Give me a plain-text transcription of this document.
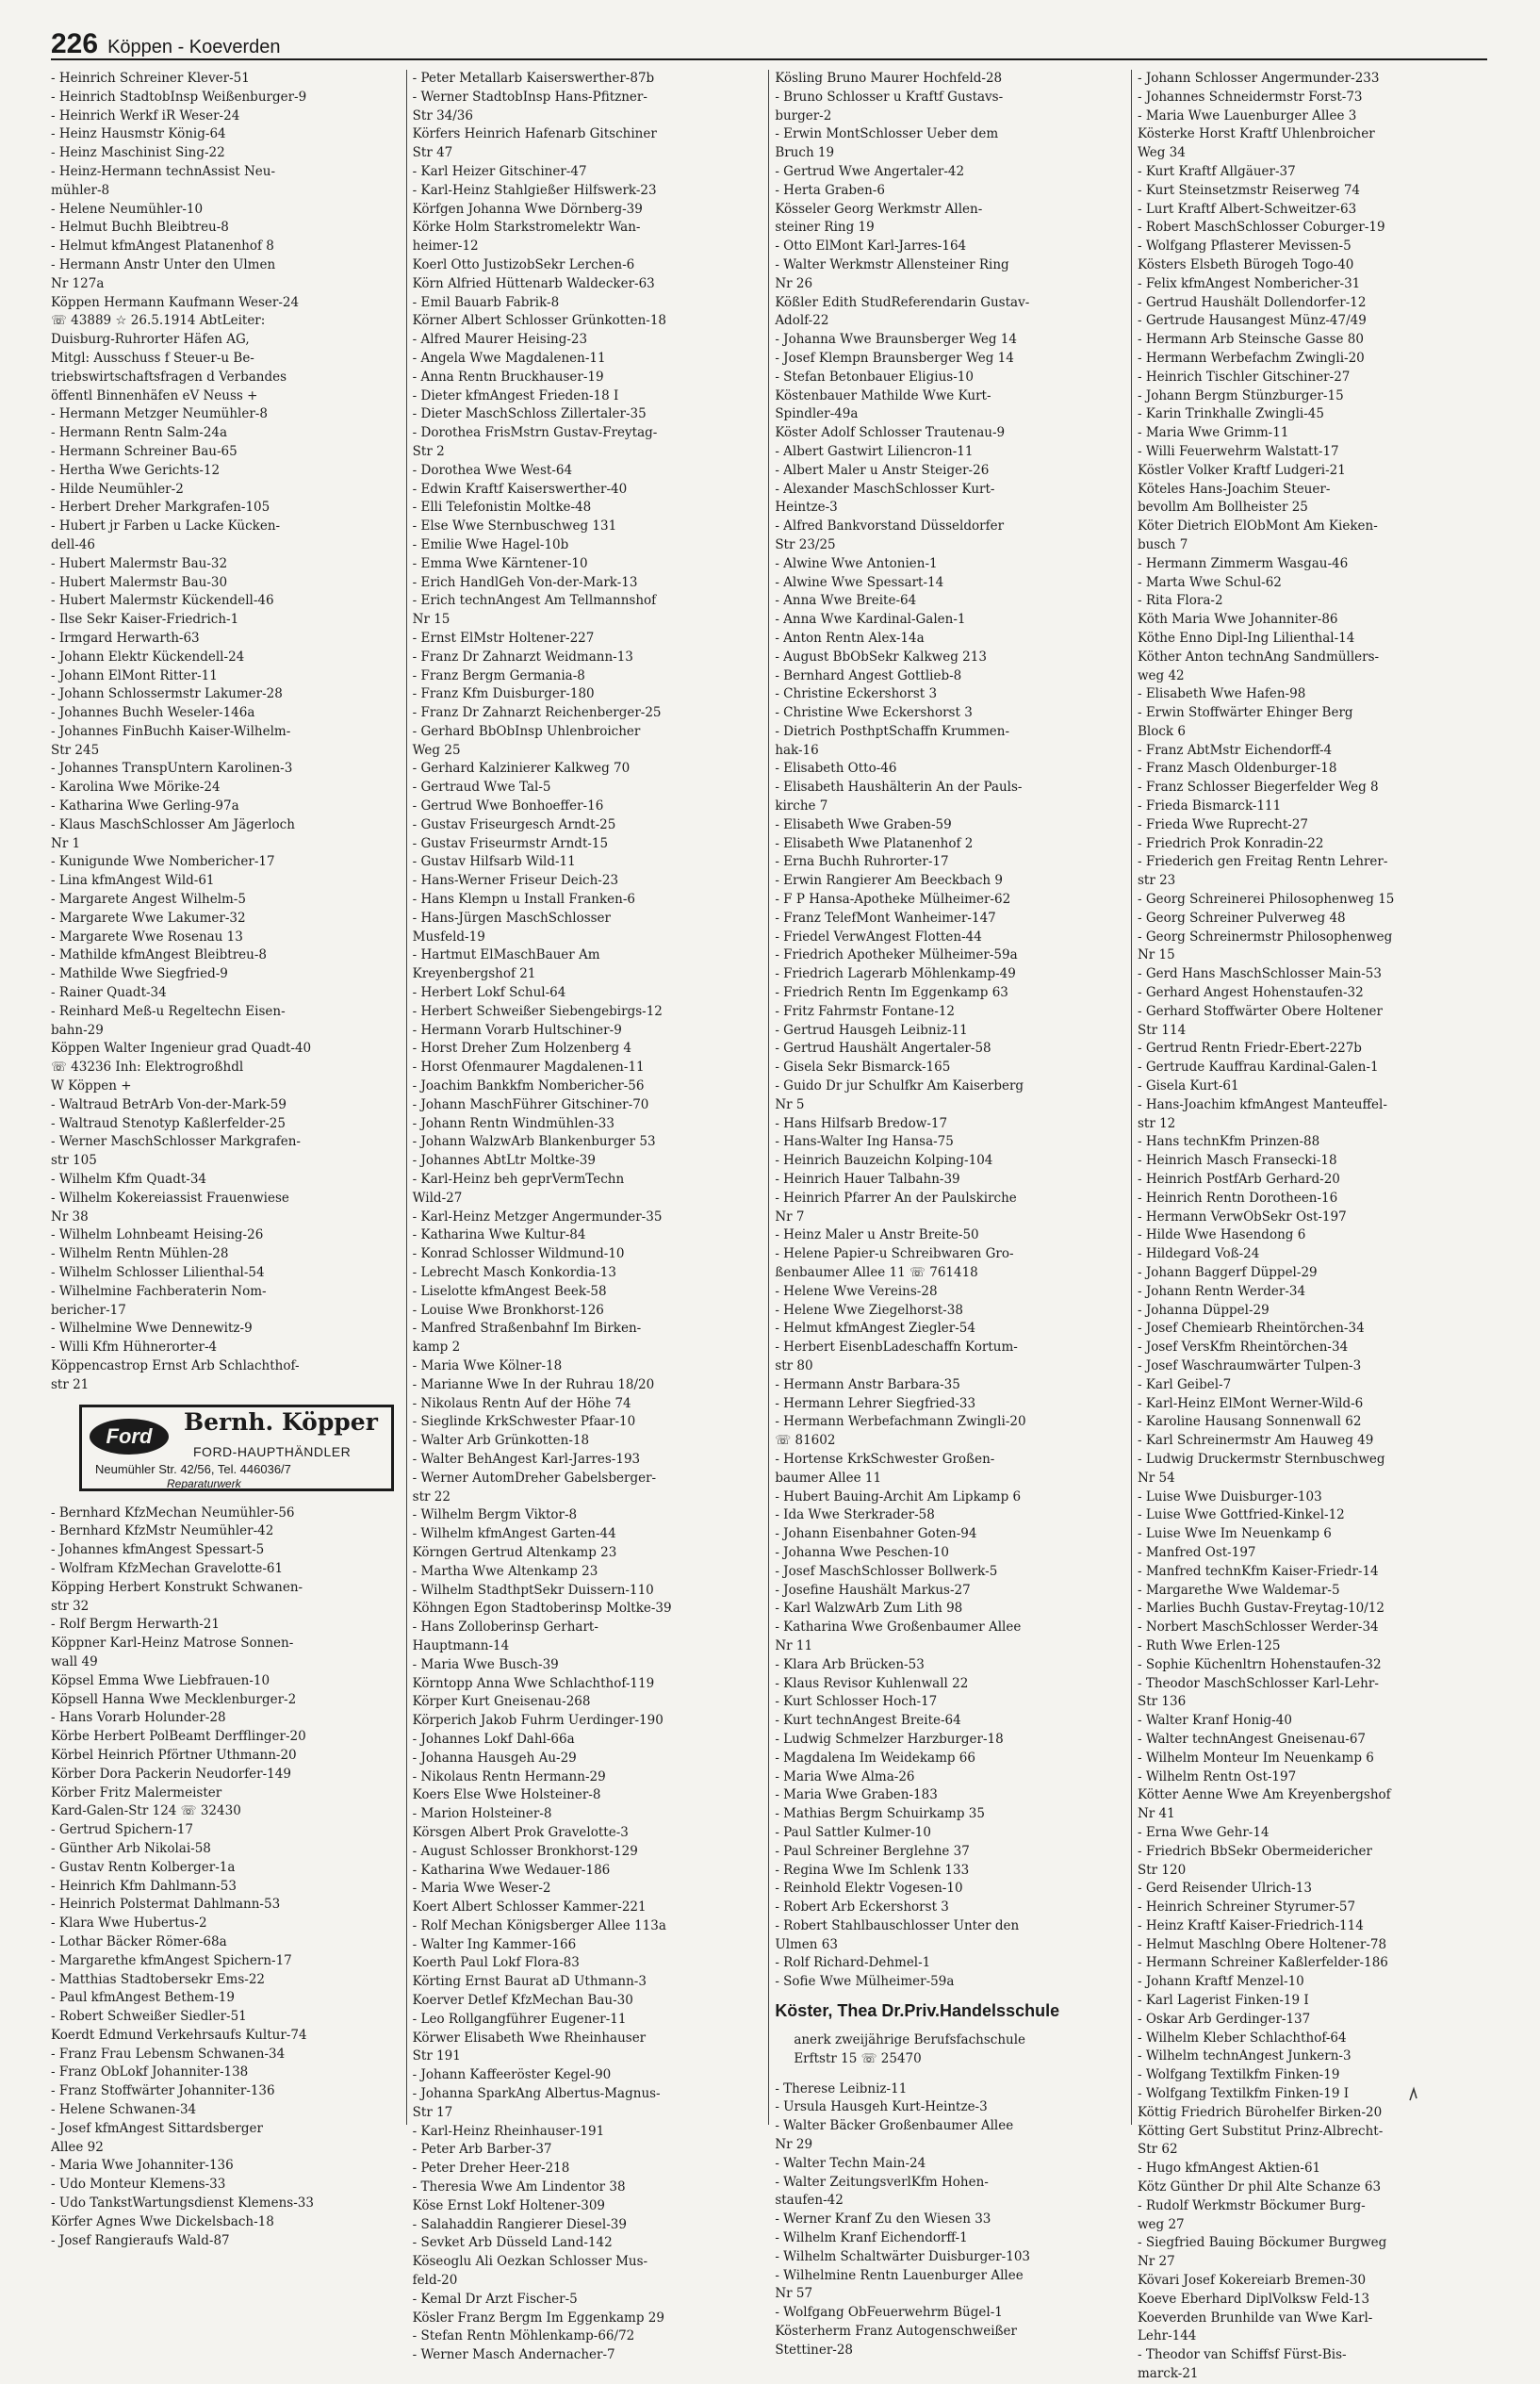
226 Köppen - Koeverden
- Heinrich Schreiner Klever-51
- Heinrich StadtobInsp Weißenburger-9
- Heinrich Werkf iR Weser-24
- Heinz Hausmstr König-64
- Heinz Maschinist Sing-22
- Heinz-Hermann technAssist Neu-
mühler-8
- Helene Neumühler-10
- Helmut Buchh Bleibtreu-8
- Helmut kfmAngest Platanenhof 8
- Hermann Anstr Unter den Ulmen
Nr 127a
Köppen Hermann Kaufmann Weser-24
☏ 43889 ☆ 26.5.1914 AbtLeiter:
Duisburg-Ruhrorter Häfen AG,
Mitgl: Ausschuss f Steuer-u Be-
triebswirtschaftsfragen d Verbandes
öffentl Binnenhäfen eV Neuss +
- Hermann Metzger Neumühler-8
- Hermann Rentn Salm-24a
- Hermann Schreiner Bau-65
- Hertha Wwe Gerichts-12
- Hilde Neumühler-2
- Herbert Dreher Markgrafen-105
- Hubert jr Farben u Lacke Kücken-
dell-46
- Hubert Malermstr Bau-32
- Hubert Malermstr Bau-30
- Hubert Malermstr Kückendell-46
- Ilse Sekr Kaiser-Friedrich-1
- Irmgard Herwarth-63
- Johann Elektr Kückendell-24
- Johann ElMont Ritter-11
- Johann Schlossermstr Lakumer-28
- Johannes Buchh Weseler-146a
- Johannes FinBuchh Kaiser-Wilhelm-
Str 245
- Johannes TranspUntern Karolinen-3
- Karolina Wwe Mörike-24
- Katharina Wwe Gerling-97a
- Klaus MaschSchlosser Am Jägerloch
Nr 1
- Kunigunde Wwe Nombericher-17
- Lina kfmAngest Wild-61
- Margarete Angest Wilhelm-5
- Margarete Wwe Lakumer-32
- Margarete Wwe Rosenau 13
- Mathilde kfmAngest Bleibtreu-8
- Mathilde Wwe Siegfried-9
- Rainer Quadt-34
- Reinhard Meß-u Regeltechn Eisen-
bahn-29
Köppen Walter Ingenieur grad Quadt-40
☏ 43236 Inh: Elektrogroßhdl
W Köppen +
- Waltraud BetrArb Von-der-Mark-59
- Waltraud Stenotyp Kaßlerfelder-25
- Werner MaschSchlosser Markgrafen-
str 105
- Wilhelm Kfm Quadt-34
- Wilhelm Kokereiassist Frauenwiese
Nr 38
- Wilhelm Lohnbeamt Heising-26
- Wilhelm Rentn Mühlen-28
- Wilhelm Schlosser Lilienthal-54
- Wilhelmine Fachberaterin Nom-
bericher-17
- Wilhelmine Wwe Dennewitz-9
- Willi Kfm Hühnerorter-4
Köppencastrop Ernst Arb Schlachthof-
str 21
Ford
Bernh. Köpper
FORD-HAUPTHÄNDLER
Neumühler Str. 42/56, Tel. 446036/7
Reparaturwerk
- Bernhard KfzMechan Neumühler-56
- Bernhard KfzMstr Neumühler-42
- Johannes kfmAngest Spessart-5
- Wolfram KfzMechan Gravelotte-61
Köpping Herbert Konstrukt Schwanen-
str 32
- Rolf Bergm Herwarth-21
Köppner Karl-Heinz Matrose Sonnen-
wall 49
Köpsel Emma Wwe Liebfrauen-10
Köpsell Hanna Wwe Mecklenburger-2
- Hans Vorarb Holunder-28
Körbe Herbert PolBeamt Derfflinger-20
Körbel Heinrich Pförtner Uthmann-20
Körber Dora Packerin Neudorfer-149
Körber Fritz Malermeister
Kard-Galen-Str 124 ☏ 32430
- Gertrud Spichern-17
- Günther Arb Nikolai-58
- Gustav Rentn Kolberger-1a
- Heinrich Kfm Dahlmann-53
- Heinrich Polstermat Dahlmann-53
- Klara Wwe Hubertus-2
- Lothar Bäcker Römer-68a
- Margarethe kfmAngest Spichern-17
- Matthias Stadtobersekr Ems-22
- Paul kfmAngest Bethem-19
- Robert Schweißer Siedler-51
Koerdt Edmund Verkehrsaufs Kultur-74
- Franz Frau Lebensm Schwanen-34
- Franz ObLokf Johanniter-138
- Franz Stoffwärter Johanniter-136
- Helene Schwanen-34
- Josef kfmAngest Sittardsberger
Allee 92
- Maria Wwe Johanniter-136
- Udo Monteur Klemens-33
- Udo TankstWartungsdienst Klemens-33
Körfer Agnes Wwe Dickelsbach-18
- Josef Rangieraufs Wald-87
- Peter Metallarb Kaiserswerther-87b
- Werner StadtobInsp Hans-Pfitzner-
Str 34/36
Körfers Heinrich Hafenarb Gitschiner
Str 47
- Karl Heizer Gitschiner-47
- Karl-Heinz Stahlgießer Hilfswerk-23
Körfgen Johanna Wwe Dörnberg-39
Körke Holm Starkstromelektr Wan-
heimer-12
Koerl Otto JustizobSekr Lerchen-6
Körn Alfried Hüttenarb Waldecker-63
- Emil Bauarb Fabrik-8
Körner Albert Schlosser Grünkotten-18
- Alfred Maurer Heising-23
- Angela Wwe Magdalenen-11
- Anna Rentn Bruckhauser-19
- Dieter kfmAngest Frieden-18 I
- Dieter MaschSchloss Zillertaler-35
- Dorothea FrisMstrn Gustav-Freytag-
Str 2
- Dorothea Wwe West-64
- Edwin Kraftf Kaiserswerther-40
- Elli Telefonistin Moltke-48
- Else Wwe Sternbuschweg 131
- Emilie Wwe Hagel-10b
- Emma Wwe Kärntener-10
- Erich HandlGeh Von-der-Mark-13
- Erich technAngest Am Tellmannshof
Nr 15
- Ernst ElMstr Holtener-227
- Franz Dr Zahnarzt Weidmann-13
- Franz Bergm Germania-8
- Franz Kfm Duisburger-180
- Franz Dr Zahnarzt Reichenberger-25
- Gerhard BbObInsp Uhlenbroicher
Weg 25
- Gerhard Kalzinierer Kalkweg 70
- Gertraud Wwe Tal-5
- Gertrud Wwe Bonhoeffer-16
- Gustav Friseurgesch Arndt-25
- Gustav Friseurmstr Arndt-15
- Gustav Hilfsarb Wild-11
- Hans-Werner Friseur Deich-23
- Hans Klempn u Install Franken-6
- Hans-Jürgen MaschSchlosser
Musfeld-19
- Hartmut ElMaschBauer Am
Kreyenbergshof 21
- Herbert Lokf Schul-64
- Herbert Schweißer Siebengebirgs-12
- Hermann Vorarb Hultschiner-9
- Horst Dreher Zum Holzenberg 4
- Horst Ofenmaurer Magdalenen-11
- Joachim Bankkfm Nombericher-56
- Johann MaschFührer Gitschiner-70
- Johann Rentn Windmühlen-33
- Johann WalzwArb Blankenburger 53
- Johannes AbtLtr Moltke-39
- Karl-Heinz beh geprVermTechn
Wild-27
- Karl-Heinz Metzger Angermunder-35
- Katharina Wwe Kultur-84
- Konrad Schlosser Wildmund-10
- Lebrecht Masch Konkordia-13
- Liselotte kfmAngest Beek-58
- Louise Wwe Bronkhorst-126
- Manfred Straßenbahnf Im Birken-
kamp 2
- Maria Wwe Kölner-18
- Marianne Wwe In der Ruhrau 18/20
- Nikolaus Rentn Auf der Höhe 74
- Sieglinde KrkSchwester Pfaar-10
- Walter Arb Grünkotten-18
- Walter BehAngest Karl-Jarres-193
- Werner AutomDreher Gabelsberger-
str 22
- Wilhelm Bergm Viktor-8
- Wilhelm kfmAngest Garten-44
Körngen Gertrud Altenkamp 23
- Martha Wwe Altenkamp 23
- Wilhelm StadthptSekr Duissern-110
Köhngen Egon Stadtoberinsp Moltke-39
- Hans Zolloberinsp Gerhart-
Hauptmann-14
- Maria Wwe Busch-39
Körntopp Anna Wwe Schlachthof-119
Körper Kurt Gneisenau-268
Körperich Jakob Fuhrm Uerdinger-190
- Johannes Lokf Dahl-66a
- Johanna Hausgeh Au-29
- Nikolaus Rentn Hermann-29
Koers Else Wwe Holsteiner-8
- Marion Holsteiner-8
Körsgen Albert Prok Gravelotte-3
- August Schlosser Bronkhorst-129
- Katharina Wwe Wedauer-186
- Maria Wwe Weser-2
Koert Albert Schlosser Kammer-221
- Rolf Mechan Königsberger Allee 113a
- Walter Ing Kammer-166
Koerth Paul Lokf Flora-83
Körting Ernst Baurat aD Uthmann-3
Koerver Detlef KfzMechan Bau-30
- Leo Rollgangführer Eugener-11
Körwer Elisabeth Wwe Rheinhauser
Str 191
- Johann Kaffeeröster Kegel-90
- Johanna SparkAng Albertus-Magnus-
Str 17
- Karl-Heinz Rheinhauser-191
- Peter Arb Barber-37
- Peter Dreher Heer-218
- Theresia Wwe Am Lindentor 38
Köse Ernst Lokf Holtener-309
- Salahaddin Rangierer Diesel-39
- Sevket Arb Düsseld Land-142
Köseoglu Ali Oezkan Schlosser Mus-
feld-20
- Kemal Dr Arzt Fischer-5
Kösler Franz Bergm Im Eggenkamp 29
- Stefan Rentn Möhlenkamp-66/72
- Werner Masch Andernacher-7
Kösling Bruno Maurer Hochfeld-28
- Bruno Schlosser u Kraftf Gustavs-
burger-2
- Erwin MontSchlosser Ueber dem
Bruch 19
- Gertrud Wwe Angertaler-42
- Herta Graben-6
Kösseler Georg Werkmstr Allen-
steiner Ring 19
- Otto ElMont Karl-Jarres-164
- Walter Werkmstr Allensteiner Ring
Nr 26
Kößler Edith StudReferendarin Gustav-
Adolf-22
- Johanna Wwe Braunsberger Weg 14
- Josef Klempn Braunsberger Weg 14
- Stefan Betonbauer Eligius-10
Köstenbauer Mathilde Wwe Kurt-
Spindler-49a
Köster Adolf Schlosser Trautenau-9
- Albert Gastwirt Liliencron-11
- Albert Maler u Anstr Steiger-26
- Alexander MaschSchlosser Kurt-
Heintze-3
- Alfred Bankvorstand Düsseldorfer
Str 23/25
- Alwine Wwe Antonien-1
- Alwine Wwe Spessart-14
- Anna Wwe Breite-64
- Anna Wwe Kardinal-Galen-1
- Anton Rentn Alex-14a
- August BbObSekr Kalkweg 213
- Bernhard Angest Gottlieb-8
- Christine Eckershorst 3
- Christine Wwe Eckershorst 3
- Dietrich PosthptSchaffn Krummen-
hak-16
- Elisabeth Otto-46
- Elisabeth Haushälterin An der Pauls-
kirche 7
- Elisabeth Wwe Graben-59
- Elisabeth Wwe Platanenhof 2
- Erna Buchh Ruhrorter-17
- Erwin Rangierer Am Beeckbach 9
- F P Hansa-Apotheke Mülheimer-62
- Franz TelefMont Wanheimer-147
- Friedel VerwAngest Flotten-44
- Friedrich Apotheker Mülheimer-59a
- Friedrich Lagerarb Möhlenkamp-49
- Friedrich Rentn Im Eggenkamp 63
- Fritz Fahrmstr Fontane-12
- Gertrud Hausgeh Leibniz-11
- Gertrud Haushält Angertaler-58
- Gisela Sekr Bismarck-165
- Guido Dr jur Schulfkr Am Kaiserberg
Nr 5
- Hans Hilfsarb Bredow-17
- Hans-Walter Ing Hansa-75
- Heinrich Bauzeichn Kolping-104
- Heinrich Hauer Talbahn-39
- Heinrich Pfarrer An der Paulskirche
Nr 7
- Heinz Maler u Anstr Breite-50
- Helene Papier-u Schreibwaren Gro-
ßenbaumer Allee 11 ☏ 761418
- Helene Wwe Vereins-28
- Helene Wwe Ziegelhorst-38
- Helmut kfmAngest Ziegler-54
- Herbert EisenbLadeschaffn Kortum-
str 80
- Hermann Anstr Barbara-35
- Hermann Lehrer Siegfried-33
- Hermann Werbefachmann Zwingli-20
☏ 81602
- Hortense KrkSchwester Großen-
baumer Allee 11
- Hubert Bauing-Archit Am Lipkamp 6
- Ida Wwe Sterkrader-58
- Johann Eisenbahner Goten-94
- Johanna Wwe Peschen-10
- Josef MaschSchlosser Bollwerk-5
- Josefine Haushält Markus-27
- Karl WalzwArb Zum Lith 98
- Katharina Wwe Großenbaumer Allee
Nr 11
- Klara Arb Brücken-53
- Klaus Revisor Kuhlenwall 22
- Kurt Schlosser Hoch-17
- Kurt technAngest Breite-64
- Ludwig Schmelzer Harzburger-18
- Magdalena Im Weidekamp 66
- Maria Wwe Alma-26
- Maria Wwe Graben-183
- Mathias Bergm Schuirkamp 35
- Paul Sattler Kulmer-10
- Paul Schreiner Berglehne 37
- Regina Wwe Im Schlenk 133
- Reinhold Elektr Vogesen-10
- Robert Arb Eckershorst 3
- Robert Stahlbauschlosser Unter den
Ulmen 63
- Rolf Richard-Dehmel-1
- Sofie Wwe Mülheimer-59a
Köster, Thea Dr.Priv.Handelsschule
anerk zweijährige Berufsfachschule
Erftstr 15 ☏ 25470
- Therese Leibniz-11
- Ursula Hausgeh Kurt-Heintze-3
- Walter Bäcker Großenbaumer Allee
Nr 29
- Walter Techn Main-24
- Walter ZeitungsverlKfm Hohen-
staufen-42
- Werner Kranf Zu den Wiesen 33
- Wilhelm Kranf Eichendorff-1
- Wilhelm Schaltwärter Duisburger-103
- Wilhelmine Rentn Lauenburger Allee
Nr 57
- Wolfgang ObFeuerwehrm Bügel-1
Kösterherm Franz Autogenschweißer
Stettiner-28
- Johann Schlosser Angermunder-233
- Johannes Schneidermstr Forst-73
- Maria Wwe Lauenburger Allee 3
Kösterke Horst Kraftf Uhlenbroicher
Weg 34
- Kurt Kraftf Allgäuer-37
- Kurt Steinsetzmstr Reiserweg 74
- Lurt Kraftf Albert-Schweitzer-63
- Robert MaschSchlosser Coburger-19
- Wolfgang Pflasterer Mevissen-5
Kösters Elsbeth Bürogeh Togo-40
- Felix kfmAngest Nombericher-31
- Gertrud Haushält Dollendorfer-12
- Gertrude Hausangest Münz-47/49
- Hermann Arb Steinsche Gasse 80
- Hermann Werbefachm Zwingli-20
- Heinrich Tischler Gitschiner-27
- Johann Bergm Stünzburger-15
- Karin Trinkhalle Zwingli-45
- Maria Wwe Grimm-11
- Willi Feuerwehrm Walstatt-17
Köstler Volker Kraftf Ludgeri-21
Köteles Hans-Joachim Steuer-
bevollm Am Bollheister 25
Köter Dietrich ElObMont Am Kieken-
busch 7
- Hermann Zimmerm Wasgau-46
- Marta Wwe Schul-62
- Rita Flora-2
Köth Maria Wwe Johanniter-86
Köthe Enno Dipl-Ing Lilienthal-14
Köther Anton technAng Sandmüllers-
weg 42
- Elisabeth Wwe Hafen-98
- Erwin Stoffwärter Ehinger Berg
Block 6
- Franz AbtMstr Eichendorff-4
- Franz Masch Oldenburger-18
- Franz Schlosser Biegerfelder Weg 8
- Frieda Bismarck-111
- Frieda Wwe Ruprecht-27
- Friedrich Prok Konradin-22
- Friederich gen Freitag Rentn Lehrer-
str 23
- Georg Schreinerei Philosophenweg 15
- Georg Schreiner Pulverweg 48
- Georg Schreinermstr Philosophenweg
Nr 15
- Gerd Hans MaschSchlosser Main-53
- Gerhard Angest Hohenstaufen-32
- Gerhard Stoffwärter Obere Holtener
Str 114
- Gertrud Rentn Friedr-Ebert-227b
- Gertrude Kauffrau Kardinal-Galen-1
- Gisela Kurt-61
- Hans-Joachim kfmAngest Manteuffel-
str 12
- Hans technKfm Prinzen-88
- Heinrich Masch Fransecki-18
- Heinrich PostfArb Gerhard-20
- Heinrich Rentn Dorotheen-16
- Hermann VerwObSekr Ost-197
- Hilde Wwe Hasendong 6
- Hildegard Voß-24
- Johann Baggerf Düppel-29
- Johann Rentn Werder-34
- Johanna Düppel-29
- Josef Chemiearb Rheintörchen-34
- Josef VersKfm Rheintörchen-34
- Josef Waschraumwärter Tulpen-3
- Karl Geibel-7
- Karl-Heinz ElMont Werner-Wild-6
- Karoline Hausang Sonnenwall 62
- Karl Schreinermstr Am Hauweg 49
- Ludwig Druckermstr Sternbuschweg
Nr 54
- Luise Wwe Duisburger-103
- Luise Wwe Gottfried-Kinkel-12
- Luise Wwe Im Neuenkamp 6
- Manfred Ost-197
- Manfred technKfm Kaiser-Friedr-14
- Margarethe Wwe Waldemar-5
- Marlies Buchh Gustav-Freytag-10/12
- Norbert MaschSchlosser Werder-34
- Ruth Wwe Erlen-125
- Sophie Küchenltrn Hohenstaufen-32
- Theodor MaschSchlosser Karl-Lehr-
Str 136
- Walter Kranf Honig-40
- Walter technAngest Gneisenau-67
- Wilhelm Monteur Im Neuenkamp 6
- Wilhelm Rentn Ost-197
Kötter Aenne Wwe Am Kreyenbergshof
Nr 41
- Erna Wwe Gehr-14
- Friedrich BbSekr Obermeidericher
Str 120
- Gerd Reisender Ulrich-13
- Heinrich Schreiner Styrumer-57
- Heinz Kraftf Kaiser-Friedrich-114
- Helmut Maschlng Obere Holtener-78
- Hermann Schreiner Kaßlerfelder-186
- Johann Kraftf Menzel-10
- Karl Lagerist Finken-19 I
- Oskar Arb Gerdinger-137
- Wilhelm Kleber Schlachthof-64
- Wilhelm technAngest Junkern-3
- Wolfgang Textilkfm Finken-19
- Wolfgang Textilkfm Finken-19 I
Köttig Friedrich Bürohelfer Birken-20
Kötting Gert Substitut Prinz-Albrecht-
Str 62
- Hugo kfmAngest Aktien-61
Kötz Günther Dr phil Alte Schanze 63
- Rudolf Werkmstr Böckumer Burg-
weg 27
- Siegfried Bauing Böckumer Burgweg
Nr 27
Kövari Josef Kokereiarb Bremen-30
Koeve Eberhard DiplVolksw Feld-13
Koeverden Brunhilde van Wwe Karl-
Lehr-144
- Theodor van Schiffsf Fürst-Bis-
marck-21
